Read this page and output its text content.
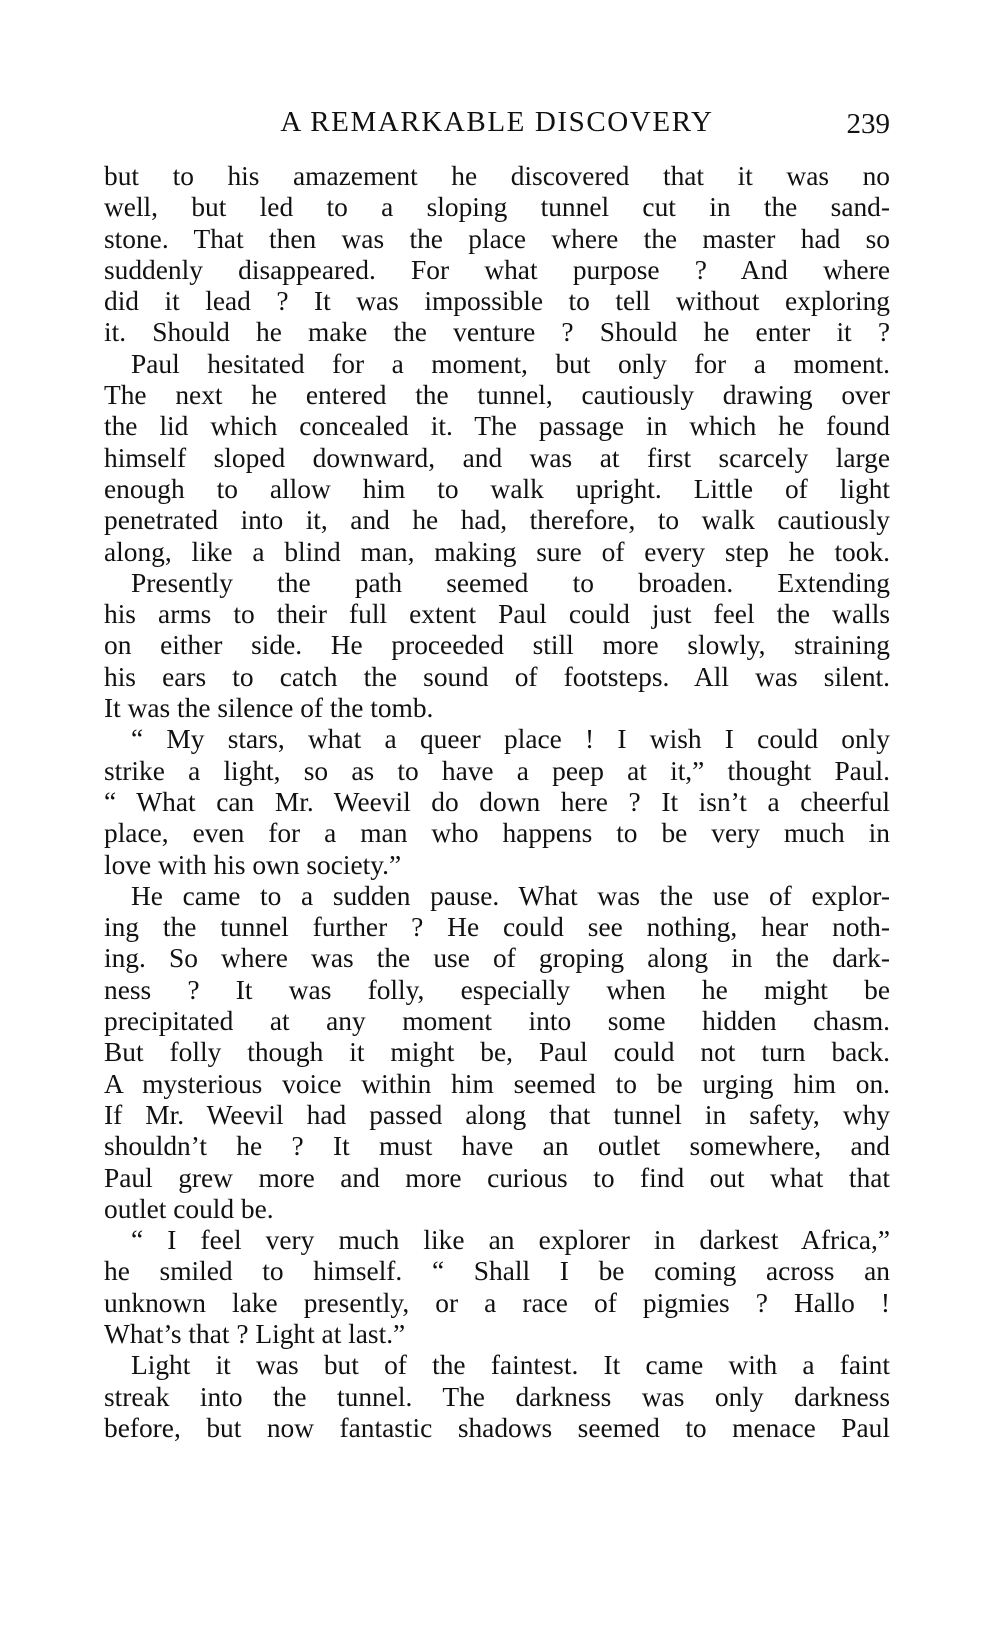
A REMARKABLE DISCOVERY	239
but to his amazement he discovered that it was no
well, but led to a sloping tunnel cut in the sand-
stone. That then was the place where the master had so
suddenly disappeared. For what purpose ? And where
did it lead ? It was impossible to tell without exploring
it. Should he make the venture ? Should he enter it ?
Paul hesitated for a moment, but only for a moment.
The next he entered the tunnel, cautiously drawing over
the lid which concealed it. The passage in which he found
himself sloped downward, and was at first scarcely large
enough to allow him to walk upright. Little of light
penetrated into it, and he had, therefore, to walk cautiously
along, like a blind man, making sure of every step he took.
Presently the path seemed to broaden. Extending
his arms to their full extent Paul could just feel the walls
on either side. He proceeded still more slowly, straining
his ears to catch the sound of footsteps. All was silent.
It was the silence of the tomb.
“ My stars, what a queer place ! I wish I could only
strike a light, so as to have a peep at it,” thought Paul.
“ What can Mr. Weevil do down here ? It isn’t a cheerful
place, even for a man who happens to be very much in
love with his own society.”
He came to a sudden pause. What was the use of explor-
ing the tunnel further ? He could see nothing, hear noth-
ing. So where was the use of groping along in the dark-
ness ? It was folly, especially when he might be
precipitated at any moment into some hidden chasm.
But folly though it might be, Paul could not turn back.
A mysterious voice within him seemed to be urging him on.
If Mr. Weevil had passed along that tunnel in safety, why
shouldn’t he ? It must have an outlet somewhere, and
Paul grew more and more curious to find out what that
outlet could be.
“ I feel very much like an explorer in darkest Africa,”
he smiled to himself. “ Shall I be coming across an
unknown lake presently, or a race of pigmies ? Hallo !
What’s that ? Light at last.”
Light it was but of the faintest. It came with a faint
streak into the tunnel. The darkness was only darkness
before, but now fantastic shadows seemed to menace Paul
